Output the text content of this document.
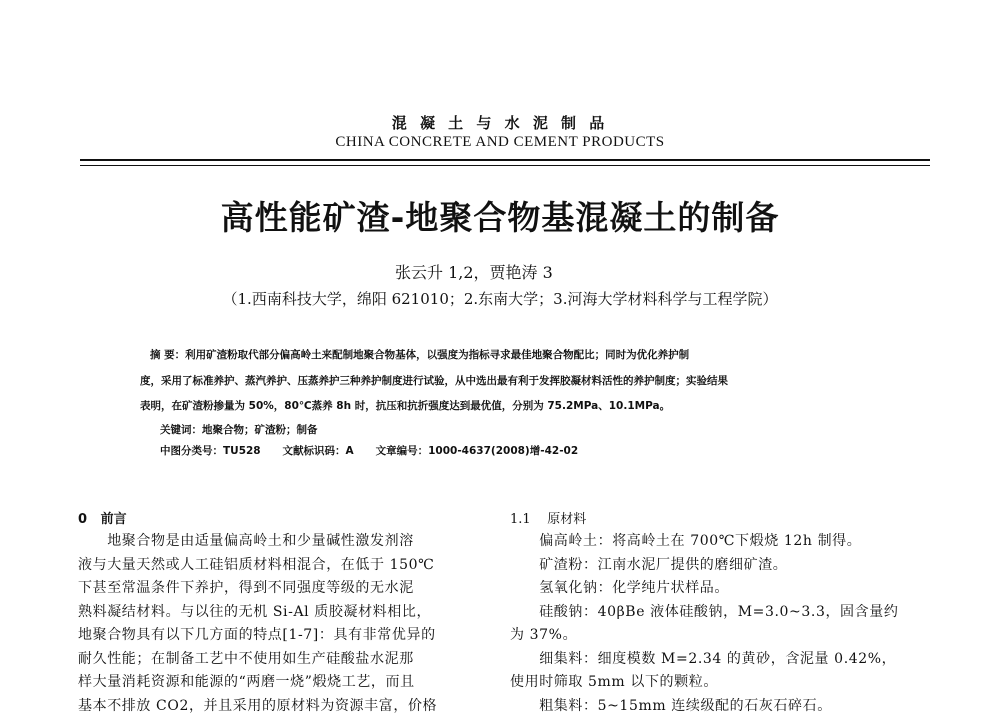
混 凝 土 与 水 泥 制 品
CHINA CONCRETE AND CEMENT PRODUCTS
高性能矿渣-地聚合物基混凝土的制备
张云升 1,2，贾艳涛 3
（1.西南科技大学，绵阳 621010；2.东南大学；3.河海大学材料科学与工程学院）
摘 要：利用矿渣粉取代部分偏高岭土来配制地聚合物基体，以强度为指标寻求最佳地聚合物配比；同时为优化养护制
度，采用了标准养护、蒸汽养护、压蒸养护三种养护制度进行试验，从中选出最有利于发挥胶凝材料活性的养护制度；实验结果
表明，在矿渣粉掺量为 50%，80℃蒸养 8h 时，抗压和抗折强度达到最优值，分别为 75.2MPa、10.1MPa。
关键词：地聚合物；矿渣粉；制备
中图分类号：TU528      文献标识码：A      文章编号：1000-4637(2008)增-42-02
0   前言
　　地聚合物是由适量偏高岭土和少量碱性激发剂溶
液与大量天然或人工硅铝质材料相混合，在低于 150℃
下甚至常温条件下养护，得到不同强度等级的无水泥
熟料凝结材料。与以往的无机 Si-Al 质胶凝材料相比，
地聚合物具有以下几方面的特点[1-7]：具有非常优异的
耐久性能；在制备工艺中不使用如生产硅酸盐水泥那
样大量消耗资源和能源的“两磨一烧”煅烧工艺，而且
基本不排放 CO2，并且采用的原材料为资源丰富，价格
1.1    原材料
　　偏高岭土：将高岭土在 700℃下煅烧 12h 制得。
　　矿渣粉：江南水泥厂提供的磨细矿渣。
　　氢氧化钠：化学纯片状样品。
　　硅酸钠：40βBe 液体硅酸钠，M=3.0~3.3，固含量约
为 37%。
　　细集料：细度模数 M=2.34 的黄砂，含泥量 0.42%，
使用时筛取 5mm 以下的颗粒。
　　粗集料：5~15mm 连续级配的石灰石碎石。
